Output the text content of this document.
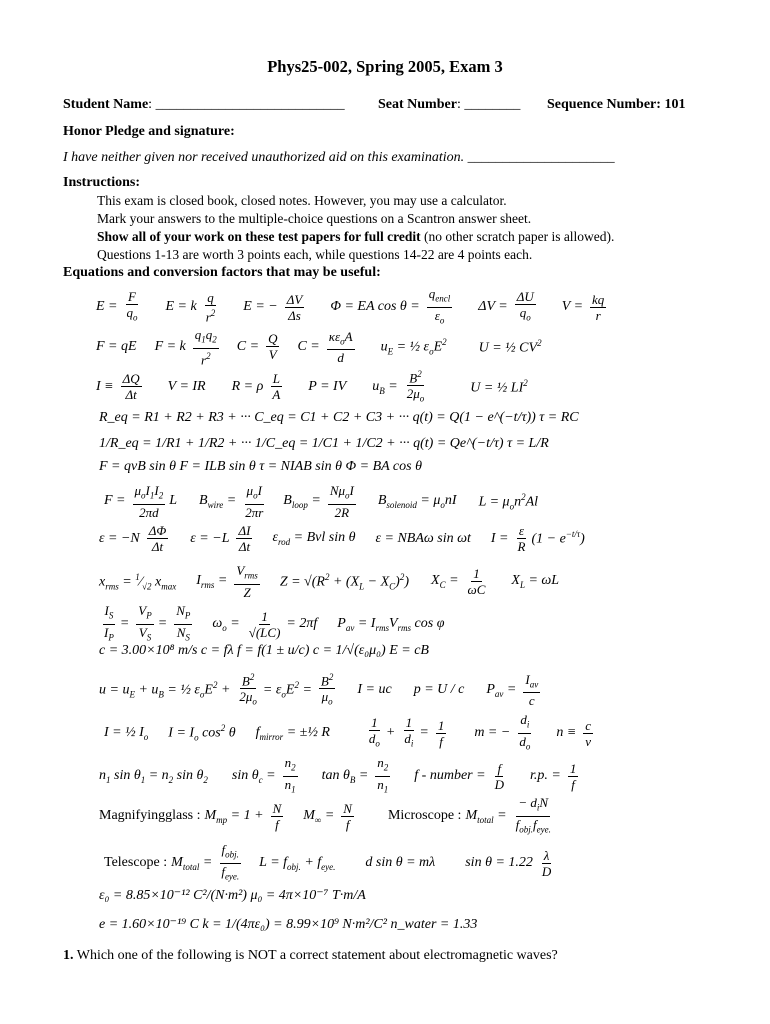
Phys25-002, Spring 2005, Exam 3
Student Name: ___________________________ Seat Number: ________ Sequence Number: 101
Honor Pledge and signature:
I have neither given nor received unauthorized aid on this examination. _____________________
Instructions:
This exam is closed book, closed notes. However, you may use a calculator.
Mark your answers to the multiple-choice questions on a Scantron answer sheet.
Show all of your work on these test papers for full credit (no other scratch paper is allowed).
Questions 1-13 are worth 3 points each, while questions 14-22 are 4 points each.
Equations and conversion factors that may be useful:
$E = \frac{F}{q_o}$ E = k $\frac{q}{r^2}$ E = − $\frac{\Delta V}{\Delta s}$ Φ = EA $\cos \theta = \frac{q_{encl}}{\varepsilon_o}$ $\Delta V = \frac{\Delta U}{q_o}$ $V = \frac{kq}{r}$
F = qE F = k $\frac{q_1q_2}{r^2}$ $C = \frac{Q}{V}$ $C = \frac{\kappa\varepsilon_oA}{d} u_E$ = ½ $\varepsilon_oE^2$ U = ½ $CV^2$
$I \equiv \frac{\Delta Q}{\Delta t}$ V = IR R = ρ $\frac{L}{A}$ P = IV $u_B = \frac{B^2}{2\mu_o}$	U = ½ $LI^2$
R_eq = R1 + R2 + R3 + ··· C_eq = C1 + C2 + C3 + ··· q(t) = Q(1 − e^(−t/τ)) τ = RC
1/R_eq = 1/R1 + 1/R2 + ··· 1/C_eq = 1/C1 + 1/C2 + ··· q(t) = Qe^(−t/τ) τ = L/R
F = qvB sin θ F = ILB sin θ τ = NIAB sin θ Φ = BA cos θ
$F = \frac{\mu_oI_1I_2}{2\pi d}$ L $B_{wire} = \frac{\mu_oI}{2\pi r} B_{loop} = \frac{N\mu_oI}{2R} B_{solenoid} = \mu_onI$ $L = \mu_on^2Al$
$\varepsilon = -N \frac{\Delta\Phi}{\Delta t}$ $\varepsilon = -L \frac{\Delta I}{\Delta t} \varepsilon_{rod}$ = Bvl sin θ ε = NBAω sin ωt $I = \frac{\varepsilon}{R} (1 - e^{-t/\tau})$
$x_{rms}$ = $^1⁄_{√2}$ $x_{max}$ $I_{rms} = \frac{V_{rms}}{Z}$ $Z = √(R^2 + (X_L - X_C)^2) X_C = \frac{1}{\omega C} X_L = \omega L$
$\frac{I_S}{I_P} = \frac{V_P}{V_S} = \frac{N_P}{N_S} \omega_o = \frac{1}{√(LC)} = 2\pi f$ $P_{av} = I_{rms}V_{rms}$ cos φ
c = 3.00×10⁸ m/s c = fλ f = f(1 ± u/c) c = 1/√(ε₀μ₀) E = cB
$u = u_E + u_B$ = ½ $\varepsilon_oE^2 + \frac{B^2}{2\mu_o} = \varepsilon_oE^2 = \frac{B^2}{\mu_o}$ I = uc p = U / c $P_{av} = \frac{I_{av}}{c}$
I = ½ $I_o$ $I = I_o$ $\cos^2 \theta$ $f_{mirror}$ = ±½ R	$\frac{1}{d_o} + \frac{1}{d_i} = \frac{1}{f}$ m = − $\frac{d_i}{d_o}$ $n \equiv \frac{c}{v}$
$n_1$ $\sin \theta_1 = n_2$ $\sin \theta_2$ $\sin \theta_c = \frac{n_2}{n_1}$ $\tan \theta_B = \frac{n_2}{n_1}$ f - number = $\frac{f}{D} r.p$. = $\frac{1}{f}$
Magnifyingglass : $M_{mp} = 1 + \frac{N}{f} M_\infty = \frac{N}{f}$ Microscope : $M_{total} = \frac{- d_iN}{f_{obj.}f_{eye.}}$
Telescope : $M_{total} = \frac{f_{obj.}}{f_{eye.}}$ $L = f_{obj.} + f_{eye.}$ d sin θ = mλ $\sin \theta = 1.22 \frac{\lambda}{D}$
ε₀ = 8.85×10⁻¹² C²/(N·m²) μ₀ = 4π×10⁻⁷ T·m/A
e = 1.60×10⁻¹⁹ C k = 1/(4πε₀) = 8.99×10⁹ N·m²/C² n_water = 1.33
1. Which one of the following is NOT a correct statement about electromagnetic waves?
